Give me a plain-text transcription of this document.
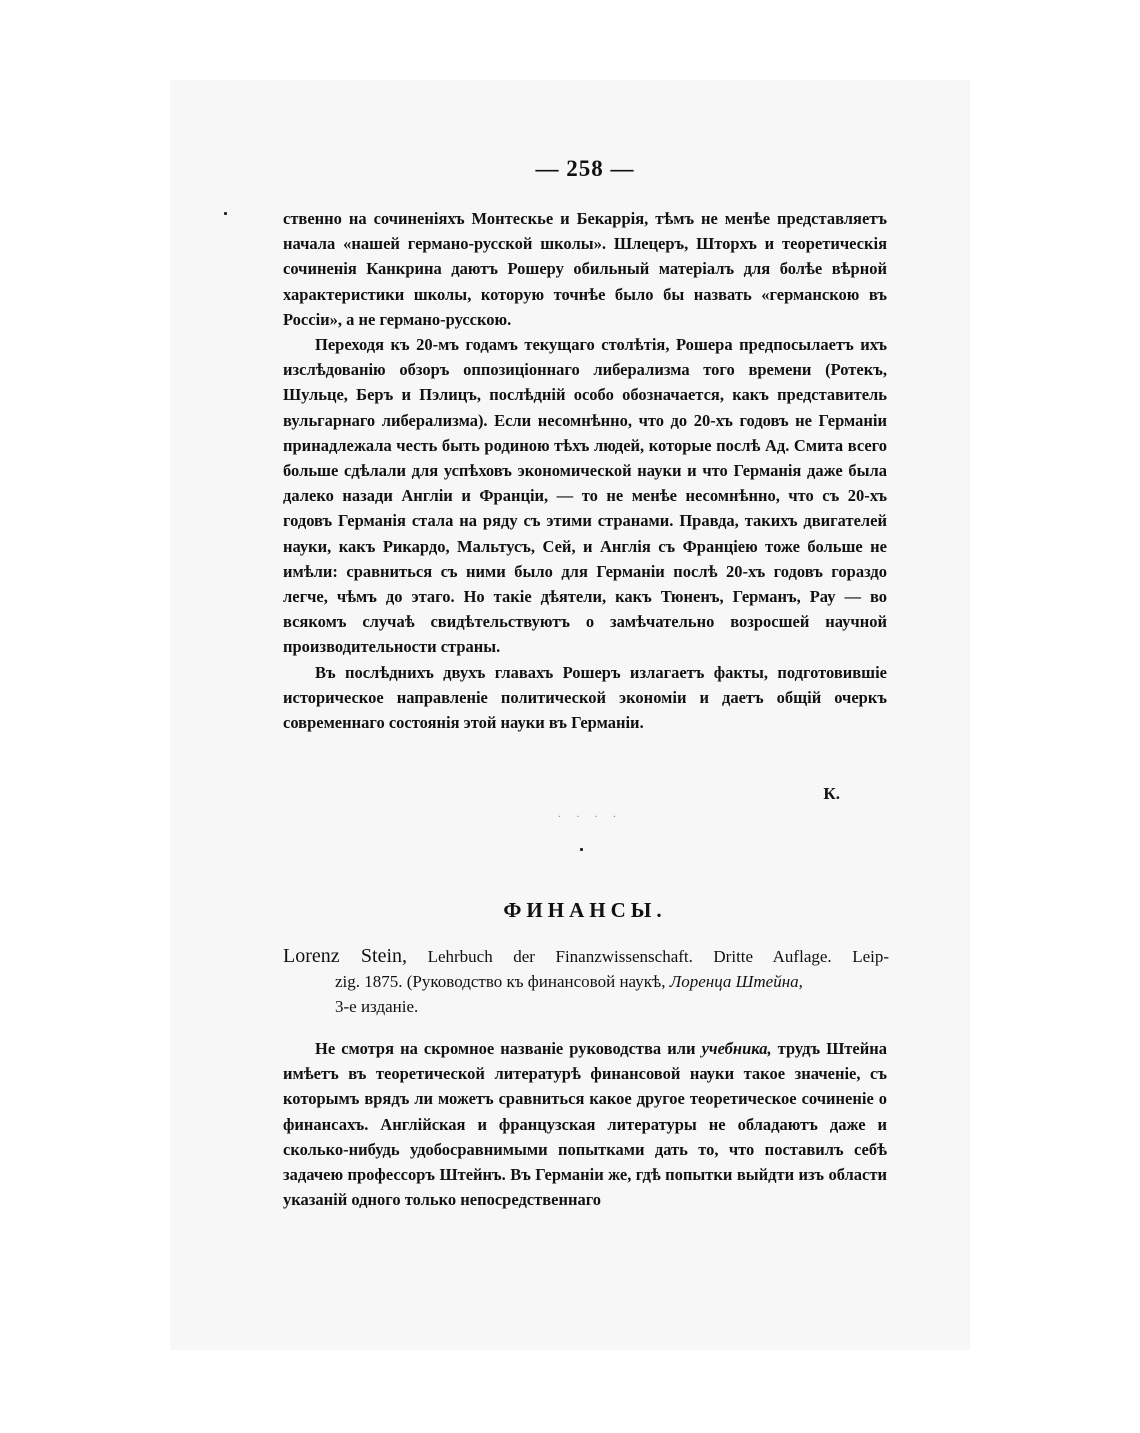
— 258 —

ственно на сочиненіяхъ Монтескье и Бекаррія, тѣмъ не менѣе представляетъ начала «нашей германо-русской школы». Шлецеръ, Шторхъ и теоретическія сочиненія Канкрина даютъ Рошеру обильный матеріалъ для болѣе вѣрной характеристики школы, которую точнѣе было бы назвать «германскою въ Россіи», а не германо-русскою.

Переходя къ 20-мъ годамъ текущаго столѣтія, Рошера предпосылаетъ ихъ изслѣдованію обзоръ оппозиціоннаго либерализма того времени (Ротекъ, Шульце, Беръ и Пэлицъ, послѣдній особо обозначается, какъ представитель вульгарнаго либерализма). Если несомнѣнно, что до 20-хъ годовъ не Германіи принадлежала честь быть родиною тѣхъ людей, которые послѣ Ад. Смита всего больше сдѣлали для успѣховъ экономической науки и что Германія даже была далеко назади Англіи и Франціи, — то не менѣе несомнѣнно, что съ 20-хъ годовъ Германія стала на ряду съ этими странами. Правда, такихъ двигателей науки, какъ Рикардо, Мальтусъ, Сей, и Англія съ Франціею тоже больше не имѣли: сравниться съ ними было для Германіи послѣ 20-хъ годовъ гораздо легче, чѣмъ до этаго. Но такіе дѣятели, какъ Тюненъ, Германъ, Рау — во всякомъ случаѣ свидѣтельствуютъ о замѣчательно возросшей научной производительности страны.

Въ послѣднихъ двухъ главахъ Рошеръ излагаетъ факты, подготовившіе историческое направленіе политической экономіи и даетъ общій очеркъ современнаго состоянія этой науки въ Германіи.

К.
· · · ·
ФИНАНСЫ.
Lorenz Stein, Lehrbuch der Finanzwissenschaft. Dritte Auflage. Leip-
zig. 1875. (Руководство къ финансовой наукѣ, Лоренца Штейна,
3-е изданіе.

Не смотря на скромное названіе руководства или учебника, трудъ Штейна имѣетъ въ теоретической литературѣ финансовой науки такое значеніе, съ которымъ врядъ ли можетъ сравниться какое другое теоретическое сочиненіе о финансахъ. Англійская и французская литературы не обладаютъ даже и сколько-нибудь удобосравнимыми попытками дать то, что поставилъ себѣ задачею профессоръ Штейнъ. Въ Германіи же, гдѣ попытки выйдти изъ области указаній одного только непосредственнаго
